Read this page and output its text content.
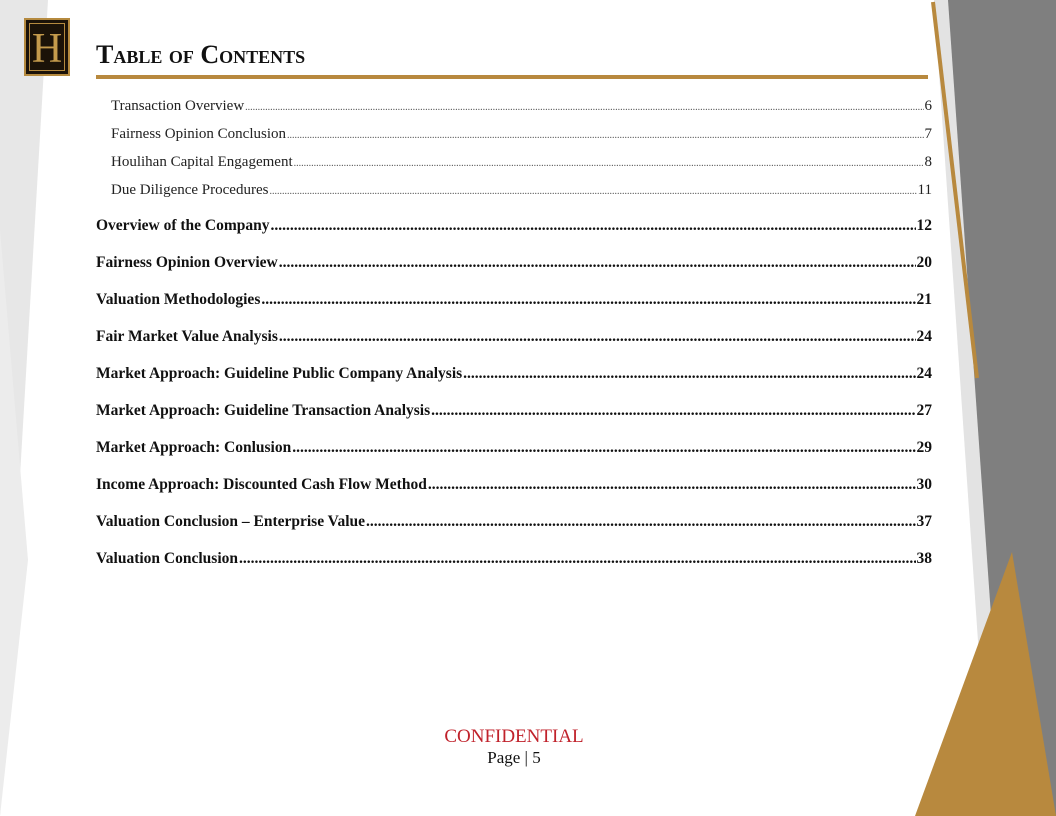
H Table of Contents
Transaction Overview .....	6
Fairness Opinion Conclusion .....	7
Houlihan Capital Engagement .....	8
Due Diligence Procedures .....	11
Overview of the Company .....	12
Fairness Opinion Overview .....	20
Valuation Methodologies .....	21
Fair Market Value Analysis .....	24
Market Approach: Guideline Public Company Analysis .....	24
Market Approach: Guideline Transaction Analysis .....	27
Market Approach: Conlusion .....	29
Income Approach: Discounted Cash Flow Method .....	30
Valuation Conclusion – Enterprise Value .....	37
Valuation Conclusion .....	38
CONFIDENTIAL
Page | 5
